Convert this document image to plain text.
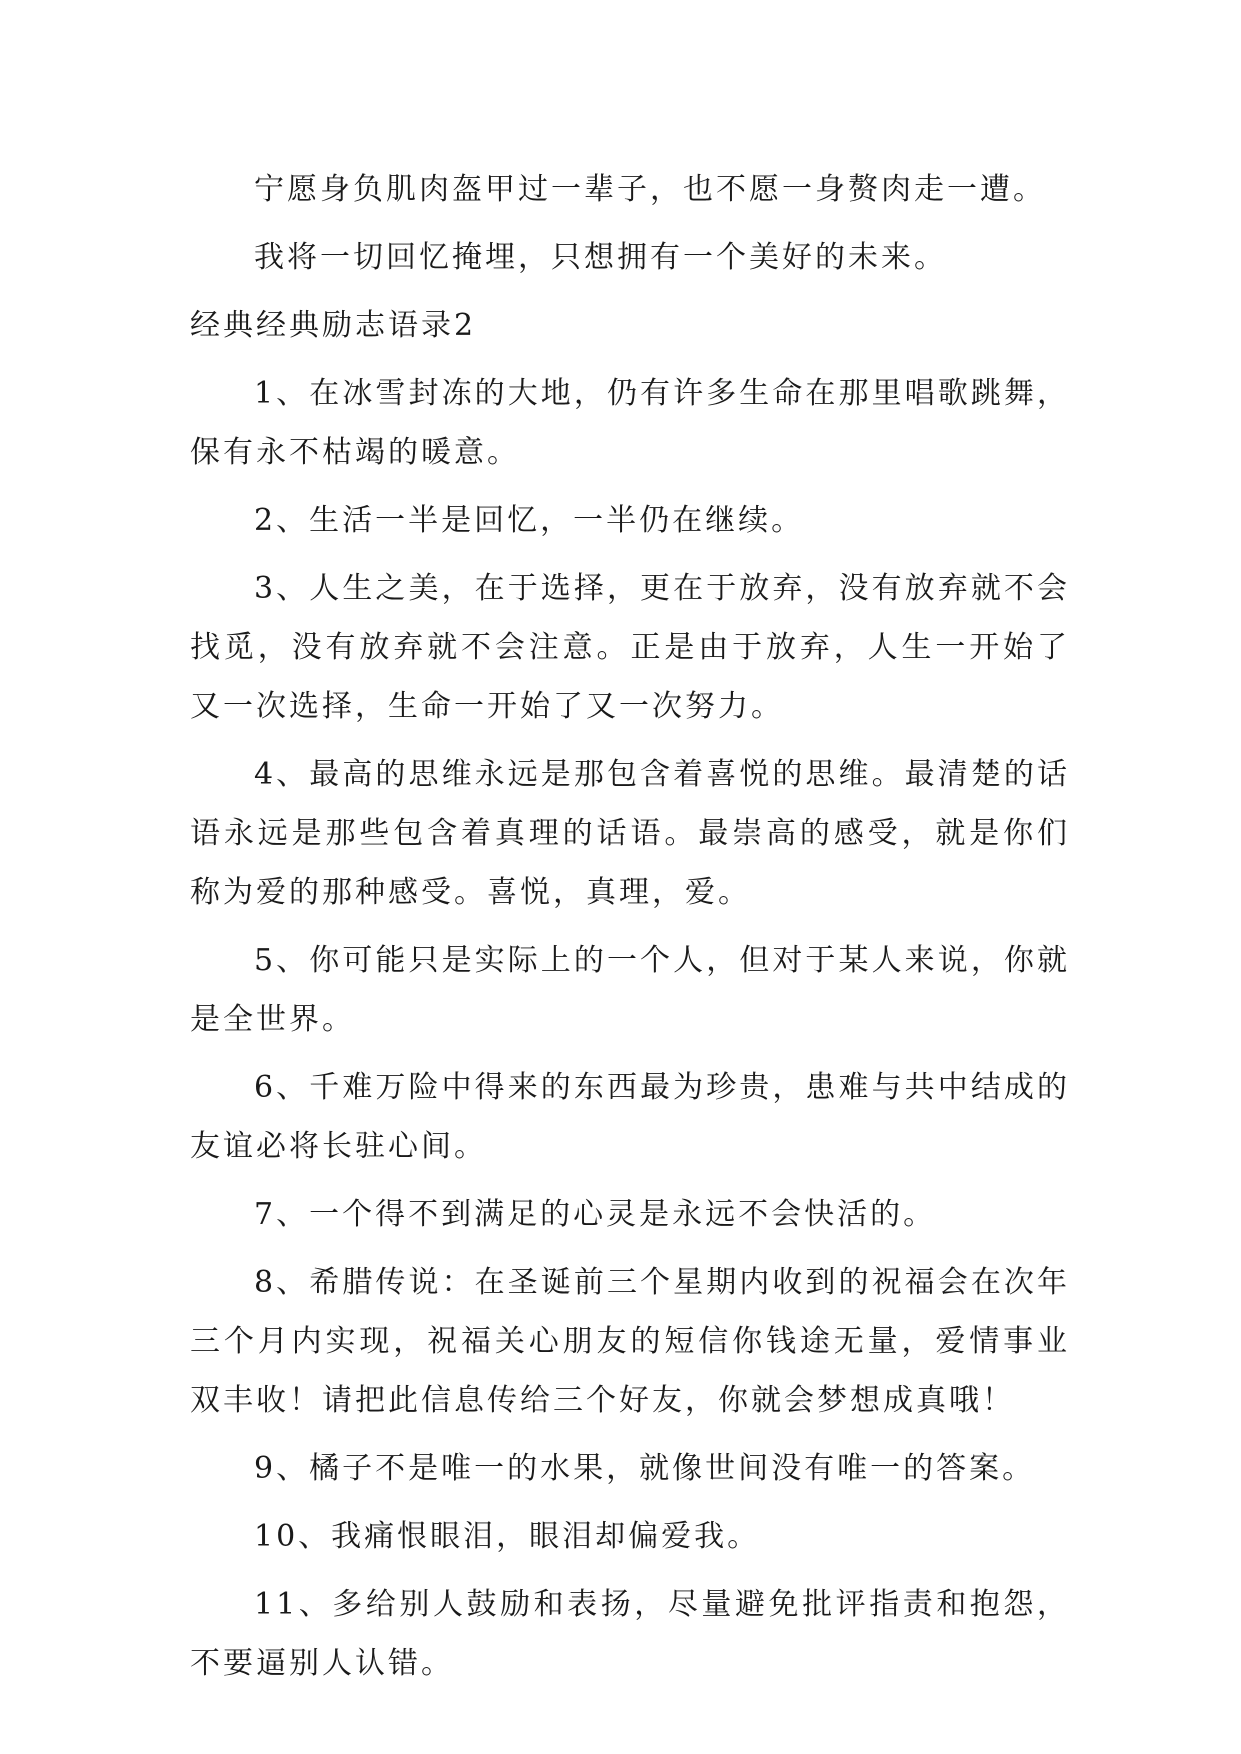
宁愿身负肌肉盔甲过一辈子，也不愿一身赘肉走一遭。

我将一切回忆掩埋，只想拥有一个美好的未来。

经典经典励志语录2

1、在冰雪封冻的大地，仍有许多生命在那里唱歌跳舞，保有永不枯竭的暖意。

2、生活一半是回忆，一半仍在继续。

3、人生之美，在于选择，更在于放弃，没有放弃就不会找觅，没有放弃就不会注意。正是由于放弃，人生一开始了又一次选择，生命一开始了又一次努力。

4、最高的思维永远是那包含着喜悦的思维。最清楚的话语永远是那些包含着真理的话语。最崇高的感受，就是你们称为爱的那种感受。喜悦，真理，爱。

5、你可能只是实际上的一个人，但对于某人来说，你就是全世界。

6、千难万险中得来的东西最为珍贵，患难与共中结成的友谊必将长驻心间。

7、一个得不到满足的心灵是永远不会快活的。

8、希腊传说：在圣诞前三个星期内收到的祝福会在次年三个月内实现，祝福关心朋友的短信你钱途无量，爱情事业双丰收！请把此信息传给三个好友，你就会梦想成真哦！

9、橘子不是唯一的水果，就像世间没有唯一的答案。

10、我痛恨眼泪，眼泪却偏爱我。

11、多给别人鼓励和表扬，尽量避免批评指责和抱怨，不要逼别人认错。
